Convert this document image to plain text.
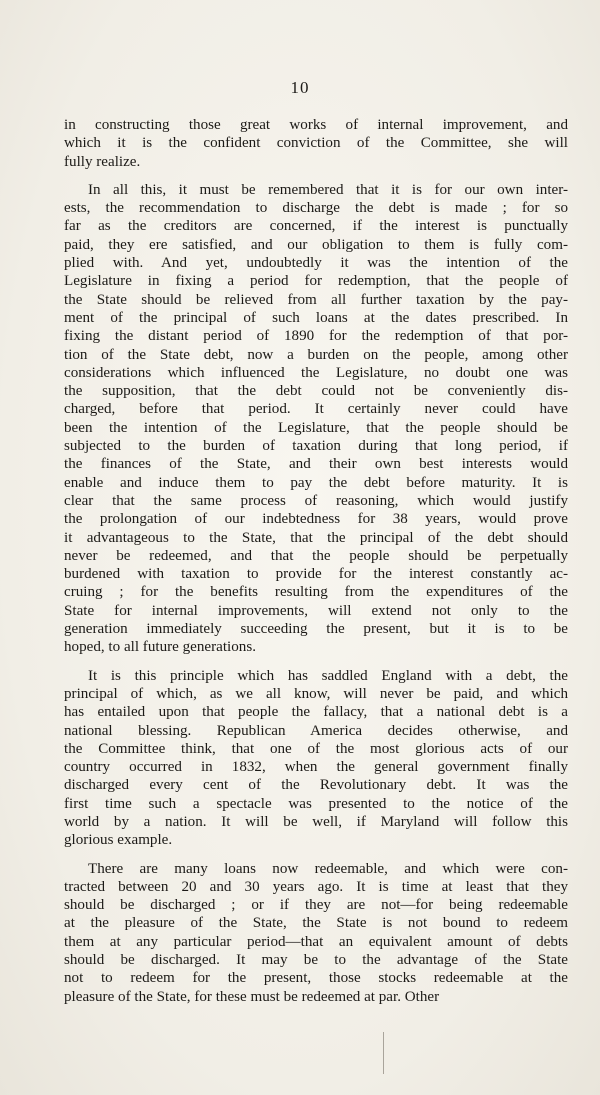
10

in constructing those great works of internal improvement, and
which it is the confident conviction of the Committee, she will
fully realize.

In all this, it must be remembered that it is for our own inter-
ests, the recommendation to discharge the debt is made ; for so
far as the creditors are concerned, if the interest is punctually
paid, they ere satisfied, and our obligation to them is fully com-
plied with. And yet, undoubtedly it was the intention of the
Legislature in fixing a period for redemption, that the people of
the State should be relieved from all further taxation by the pay-
ment of the principal of such loans at the dates prescribed. In
fixing the distant period of 1890 for the redemption of that por-
tion of the State debt, now a burden on the people, among other
considerations which influenced the Legislature, no doubt one was
the supposition, that the debt could not be conveniently dis-
charged, before that period. It certainly never could have
been the intention of the Legislature, that the people should be
subjected to the burden of taxation during that long period, if
the finances of the State, and their own best interests would
enable and induce them to pay the debt before maturity. It is
clear that the same process of reasoning, which would justify
the prolongation of our indebtedness for 38 years, would prove
it advantageous to the State, that the principal of the debt should
never be redeemed, and that the people should be perpetually
burdened with taxation to provide for the interest constantly ac-
cruing ; for the benefits resulting from the expenditures of the
State for internal improvements, will extend not only to the
generation immediately succeeding the present, but it is to be
hoped, to all future generations.

It is this principle which has saddled England with a debt, the
principal of which, as we all know, will never be paid, and which
has entailed upon that people the fallacy, that a national debt is a
national blessing. Republican America decides otherwise, and
the Committee think, that one of the most glorious acts of our
country occurred in 1832, when the general government finally
discharged every cent of the Revolutionary debt. It was the
first time such a spectacle was presented to the notice of the
world by a nation. It will be well, if Maryland will follow this
glorious example.

There are many loans now redeemable, and which were con-
tracted between 20 and 30 years ago. It is time at least that they
should be discharged ; or if they are not—for being redeemable
at the pleasure of the State, the State is not bound to redeem
them at any particular period—that an equivalent amount of debts
should be discharged. It may be to the advantage of the State
not to redeem for the present, those stocks redeemable at the
pleasure of the State, for these must be redeemed at par. Other
